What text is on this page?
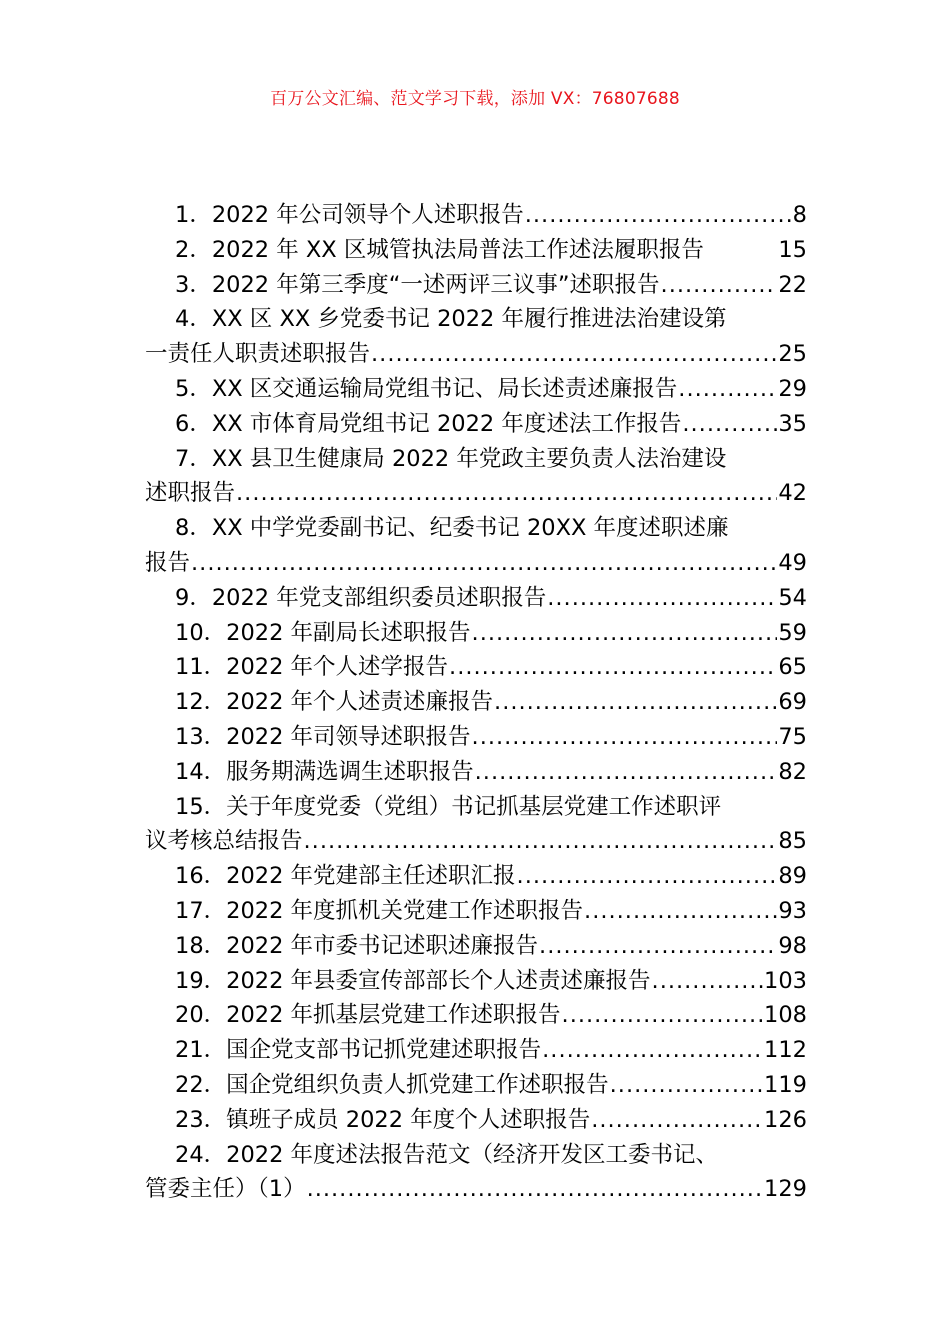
百万公文汇编、范文学习下载，添加 VX：76807688
1．2022 年公司领导个人述职报告 .....	8
2．2022 年 XX 区城管执法局普法工作述法履职报告	15
3．2022 年第三季度“一述两评三议事”述职报告 .....	22
4．XX 区 XX 乡党委书记 2022 年履行推进法治建设第
一责任人职责述职报告 .....	25
5．XX 区交通运输局党组书记、局长述责述廉报告 .....	29
6．XX 市体育局党组书记 2022 年度述法工作报告 .....	35
7．XX 县卫生健康局 2022 年党政主要负责人法治建设
述职报告 .....	42
8．XX 中学党委副书记、纪委书记 20XX 年度述职述廉
报告 .....	49
9．2022 年党支部组织委员述职报告 .....	54
10．2022 年副局长述职报告 .....	59
11．2022 年个人述学报告 .....	65
12．2022 年个人述责述廉报告 .....	69
13．2022 年司领导述职报告 .....	75
14．服务期满选调生述职报告 .....	82
15．关于年度党委（党组）书记抓基层党建工作述职评
议考核总结报告 .....	85
16．2022 年党建部主任述职汇报 .....	89
17．2022 年度抓机关党建工作述职报告 .....	93
18．2022 年市委书记述职述廉报告 .....	98
19．2022 年县委宣传部部长个人述责述廉报告 .....	103
20．2022 年抓基层党建工作述职报告 .....	108
21．国企党支部书记抓党建述职报告 .....	112
22．国企党组织负责人抓党建工作述职报告 .....	119
23．镇班子成员 2022 年度个人述职报告 .....	126
24．2022 年度述法报告范文（经济开发区工委书记、
管委主任）（1） .....	129
